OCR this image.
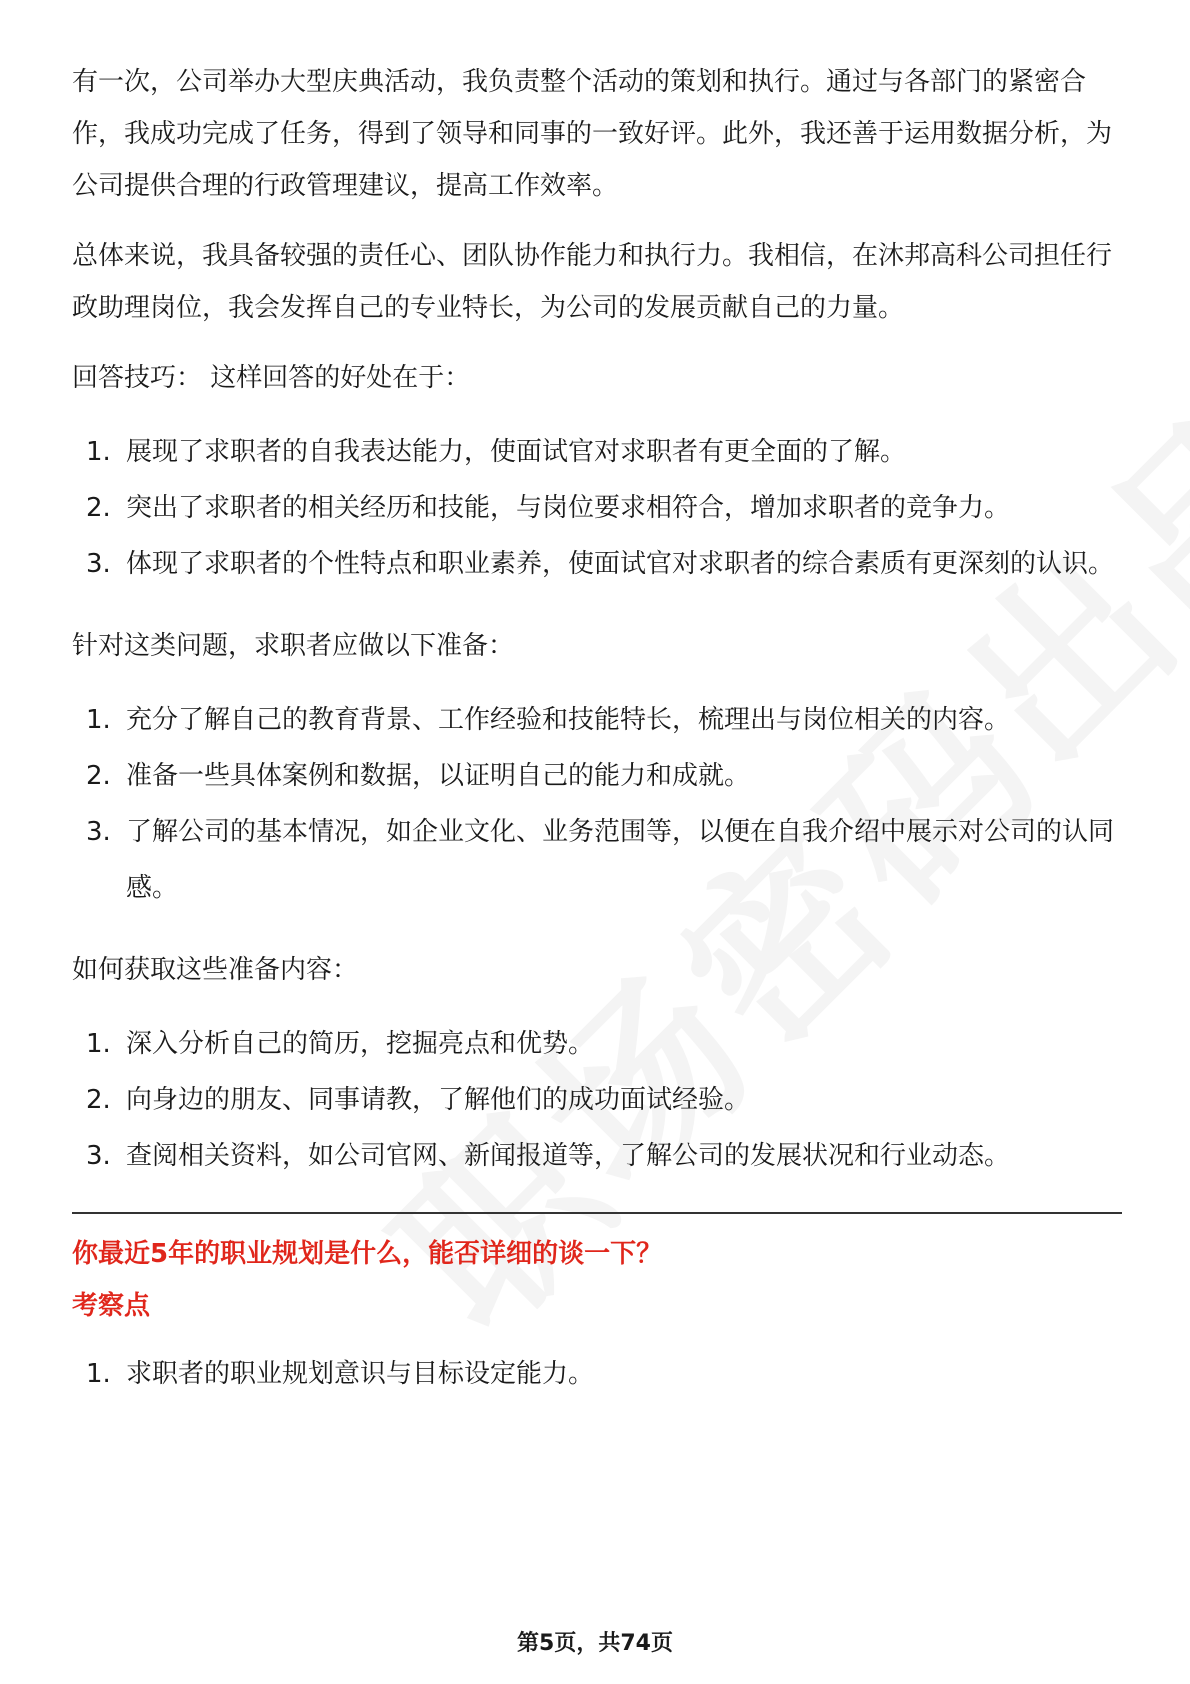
有一次，公司举办大型庆典活动，我负责整个活动的策划和执行。通过与各部门的紧密合作，我成功完成了任务，得到了领导和同事的一致好评。此外，我还善于运用数据分析，为公司提供合理的行政管理建议，提高工作效率。

总体来说，我具备较强的责任心、团队协作能力和执行力。我相信，在沐邦高科公司担任行政助理岗位，我会发挥自己的专业特长，为公司的发展贡献自己的力量。

回答技巧： 这样回答的好处在于：
1. 展现了求职者的自我表达能力，使面试官对求职者有更全面的了解。
2. 突出了求职者的相关经历和技能，与岗位要求相符合，增加求职者的竞争力。
3. 体现了求职者的个性特点和职业素养，使面试官对求职者的综合素质有更深刻的认识。
针对这类问题，求职者应做以下准备：
1. 充分了解自己的教育背景、工作经验和技能特长，梳理出与岗位相关的内容。
2. 准备一些具体案例和数据，以证明自己的能力和成就。
3. 了解公司的基本情况，如企业文化、业务范围等，以便在自我介绍中展示对公司的认同感。
如何获取这些准备内容：
1. 深入分析自己的简历，挖掘亮点和优势。
2. 向身边的朋友、同事请教，了解他们的成功面试经验。
3. 查阅相关资料，如公司官网、新闻报道等，了解公司的发展状况和行业动态。
你最近5年的职业规划是什么，能否详细的谈一下？
考察点
1. 求职者的职业规划意识与目标设定能力。
第5页，共74页
